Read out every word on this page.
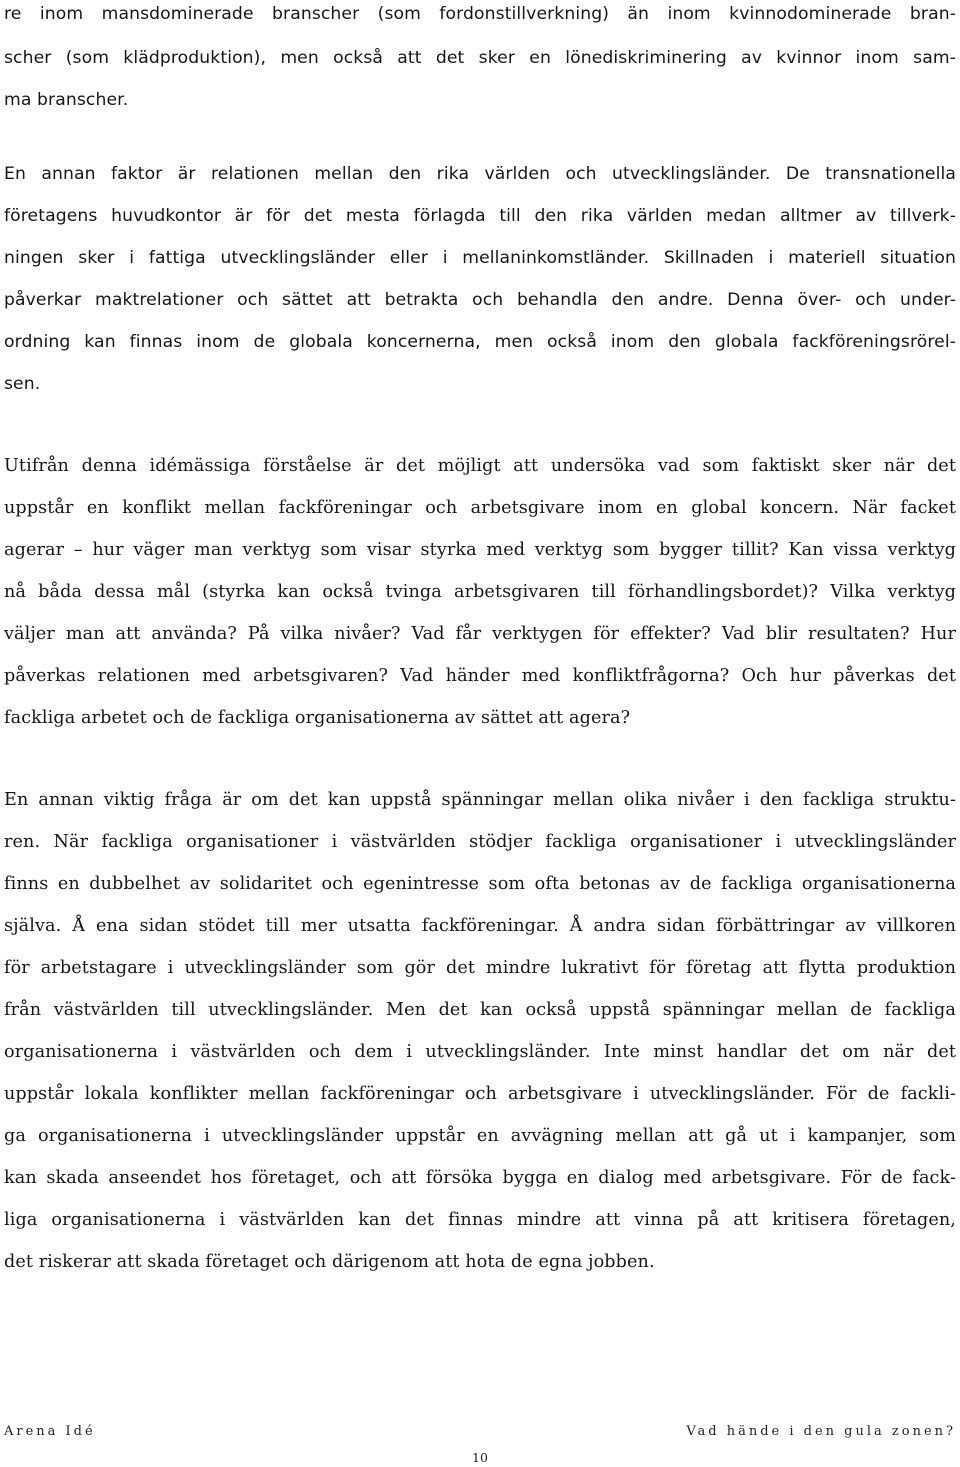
re inom mansdominerade branscher (som fordonstillverkning) än inom kvinnodominerade bran-
scher (som klädproduktion), men också att det sker en lönediskriminering av kvinnor inom sam-
ma branscher.
En annan faktor är relationen mellan den rika världen och utvecklingsländer. De transnationella
företagens huvudkontor är för det mesta förlagda till den rika världen medan alltmer av tillverk-
ningen sker i fattiga utvecklingsländer eller i mellaninkomstländer. Skillnaden i materiell situation
påverkar maktrelationer och sättet att betrakta och behandla den andre. Denna över- och under-
ordning kan finnas inom de globala koncernerna, men också inom den globala fackföreningsrörel-
sen.
Utifrån denna idémässiga förståelse är det möjligt att undersöka vad som faktiskt sker när det
uppstår en konflikt mellan fackföreningar och arbetsgivare inom en global koncern. När facket
agerar – hur väger man verktyg som visar styrka med verktyg som bygger tillit? Kan vissa verktyg
nå båda dessa mål (styrka kan också tvinga arbetsgivaren till förhandlingsbordet)? Vilka verktyg
väljer man att använda? På vilka nivåer? Vad får verktygen för effekter? Vad blir resultaten? Hur
påverkas relationen med arbetsgivaren? Vad händer med konfliktfrågorna? Och hur påverkas det
fackliga arbetet och de fackliga organisationerna av sättet att agera?
En annan viktig fråga är om det kan uppstå spänningar mellan olika nivåer i den fackliga struktu-
ren. När fackliga organisationer i västvärlden stödjer fackliga organisationer i utvecklingsländer
finns en dubbelhet av solidaritet och egenintresse som ofta betonas av de fackliga organisationerna
själva. Å ena sidan stödet till mer utsatta fackföreningar. Å andra sidan förbättringar av villkoren
för arbetstagare i utvecklingsländer som gör det mindre lukrativt för företag att flytta produktion
från västvärlden till utvecklingsländer. Men det kan också uppstå spänningar mellan de fackliga
organisationerna i västvärlden och dem i utvecklingsländer. Inte minst handlar det om när det
uppstår lokala konflikter mellan fackföreningar och arbetsgivare i utvecklingsländer. För de fackli-
ga organisationerna i utvecklingsländer uppstår en avvägning mellan att gå ut i kampanjer, som
kan skada anseendet hos företaget, och att försöka bygga en dialog med arbetsgivare. För de fack-
liga organisationerna i västvärlden kan det finnas mindre att vinna på att kritisera företagen,
det riskerar att skada företaget och därigenom att hota de egna jobben.
Arena Idé	Vad hände i den gula zonen?
10
